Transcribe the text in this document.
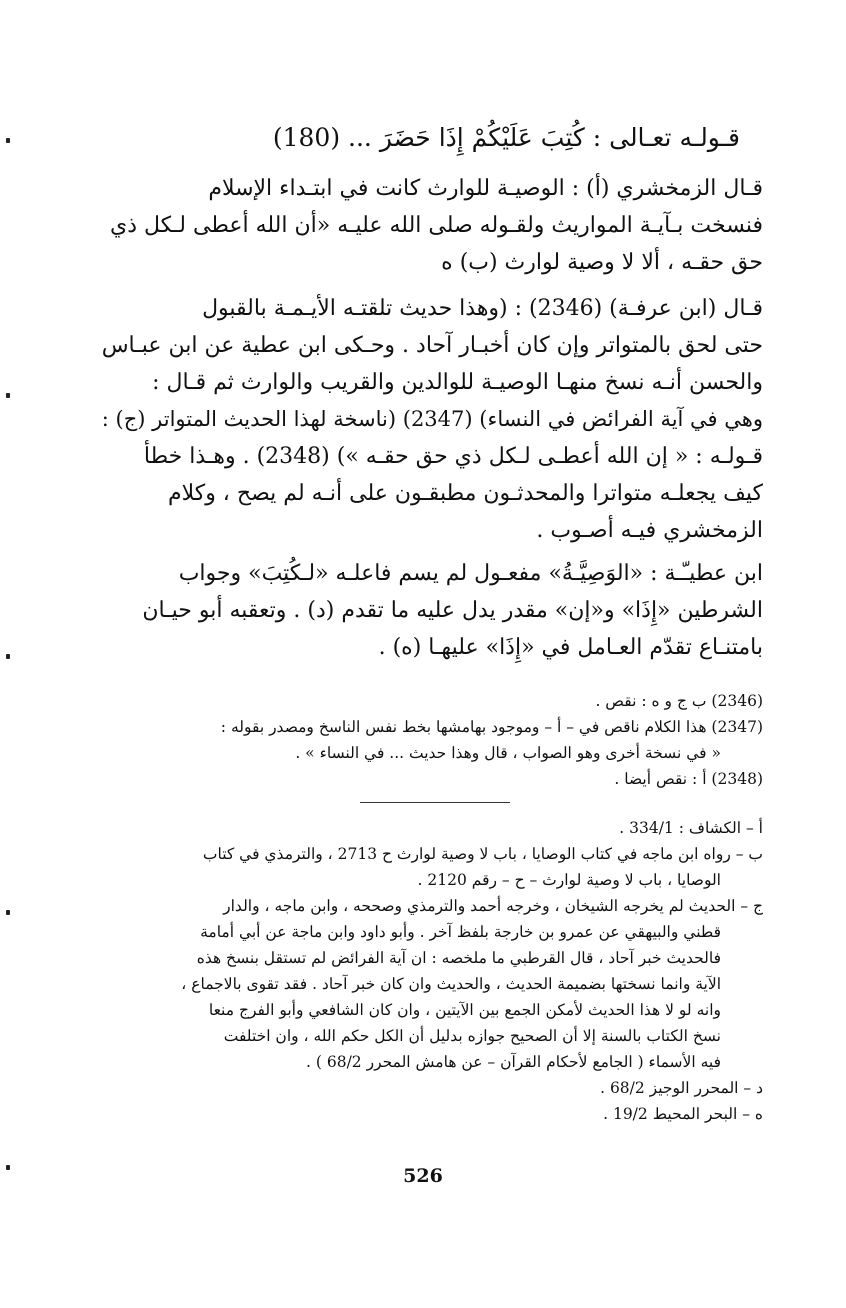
قـولـه تعـالى : كُتِبَ عَلَيْكُمْ إِذَا حَضَرَ ... (180)
قـال الزمخشري (أ) : الوصيـة للوارث كانت في ابتـداء الإسلام
فنسخت بـآيـة المواريث ولقـوله صلى الله عليـه «أن الله أعطى لـكل ذي
حق حقـه ، ألا لا وصية لوارث (ب) ه
قـال (ابن عرفـة) (2346) : (وهذا حديث تلقتـه الأيـمـة بالقبول
حتى لحق بالمتواتر وإن كان أخبـار آحاد . وحـكى ابن عطية عن ابن عبـاس
والحسن أنـه نسخ منهـا الوصيـة للوالدين والقريب والوارث ثم قـال :
وهي في آية الفرائض في النساء) (2347) (ناسخة لهذا الحديث المتواتر (ج) :
قـولـه : « إن الله أعطـى لـكل ذي حق حقـه ») (2348) . وهـذا خطأ
كيف يجعلـه متواترا والمحدثـون مطبقـون على أنـه لم يصح ، وكلام
الزمخشري فيـه أصـوب .
ابن عطيـّـة : «الوَصِيَّـةُ» مفعـول لم يسم فاعلـه «لـكُتِبَ» وجواب
الشرطين «إِذَا» و«إن» مقدر يدل عليه ما تقدم (د) . وتعقبه أبو حيـان
بامتنـاع تقدّم العـامل في «إِذَا» عليهـا (ه) .
(2346) ب ج و ه : نقص .
(2347) هذا الكلام ناقص في – أ – وموجود بهامشها بخط نفس الناسخ ومصدر بقوله :
« في نسخة أخرى وهو الصواب ، قال وهذا حديث ... في النساء » .
(2348) أ : نقص أيضا .
أ – الكشاف : 334/1 .
ب – رواه ابن ماجه في كتاب الوصايا ، باب لا وصية لوارث ح 2713 ، والترمذي في كتاب
الوصايا ، باب لا وصية لوارث – ح – رقم 2120 .
ج – الحديث لم يخرجه الشيخان ، وخرجه أحمد والترمذي وصححه ، وابن ماجه ، والدار
قطني والبيهقي عن عمرو بن خارجة بلفظ آخر . وأبو داود وابن ماجة عن أبي أمامة
فالحديث خبر آحاد ، قال القرطبي ما ملخصه : ان آية الفرائض لم تستقل بنسخ هذه
الآية وانما نسختها بضميمة الحديث ، والحديث وان كان خبر آحاد . فقد تقوى بالاجماع ،
وانه لو لا هذا الحديث لأمكن الجمع بين الآيتين ، وان كان الشافعي وأبو الفرج منعا
نسخ الكتاب بالسنة إلا أن الصحيح جوازه بدليل أن الكل حكم الله ، وان اختلفت
فيه الأسماء ( الجامع لأحكام القرآن – عن هامش المحرر 68/2 ) .
د – المحرر الوجيز 68/2 .
ه – البحر المحيط 19/2 .
526
